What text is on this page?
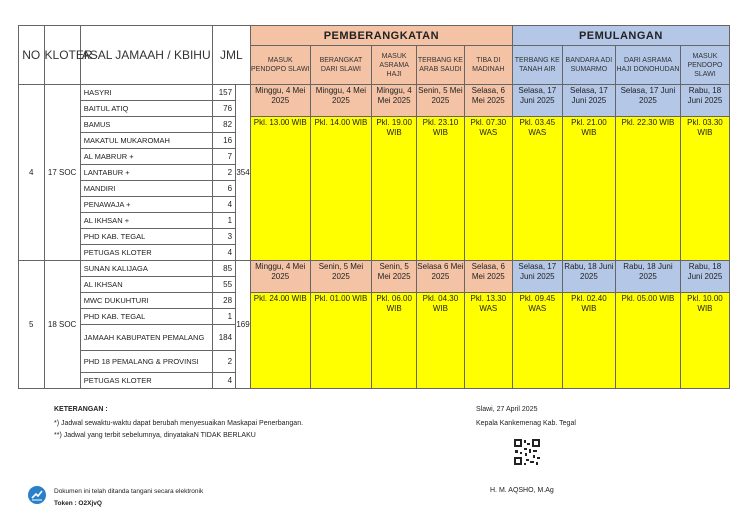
NO	KLOTER	ASAL JAMAAH / KBIHU	JML		PEMBERANGKATAN					PEMULANGAN			
					MASUK PENDOPO SLAWI	BERANGKAT DARI SLAWI	MASUK ASRAMA HAJI	TERBANG KE ARAB SAUDI	TIBA DI MADINAH	TERBANG KE TANAH AIR	BANDARA ADI SUMARMO	DARI ASRAMA HAJI DONOHUDAN	MASUK PENDOPO SLAWI
4	17 SOC	HASYRI	157	354	Minggu, 4 Mei 2025	Minggu, 4 Mei 2025	Minggu, 4 Mei 2025	Senin, 5 Mei 2025	Selasa, 6 Mei 2025	Selasa, 17 Juni 2025	Selasa, 17 Juni 2025	Selasa, 17 Juni 2025	Rabu, 18 Juni 2025
		BAITUL ATIQ	76										
		BAMUS	82		Pkl. 13.00 WIB	Pkl. 14.00 WIB	Pkl. 19.00 WIB	Pkl. 23.10 WIB	Pkl. 07.30 WAS	Pkl. 03.45 WAS	Pkl. 21.00 WIB	Pkl. 22.30 WIB	Pkl. 03.30 WIB
		MAKATUL MUKAROMAH	16										
		AL MABRUR +	7										
		LANTABUR +	2										
		MANDIRI	6										
		PENAWAJA +	4										
		AL IKHSAN +	1										
		PHD KAB. TEGAL	3										
		PETUGAS KLOTER	4										
5	18 SOC	SUNAN KALIJAGA	85	169	Minggu, 4 Mei 2025	Senin, 5 Mei 2025	Senin, 5 Mei 2025	Selasa 6 Mei 2025	Selasa, 6 Mei 2025	Selasa, 17 Juni 2025	Rabu, 18 Juni 2025	Rabu, 18 Juni 2025	Rabu, 18 Juni 2025
		AL IKHSAN	55										
		MWC DUKUHTURI	28		Pkl. 24.00 WIB	Pkl. 01.00 WIB	Pkl. 06.00 WIB	Pkl. 04.30 WIB	Pkl. 13.30 WAS	Pkl. 09.45 WAS	Pkl. 02.40 WIB	Pkl. 05.00 WIB	Pkl. 10.00 WIB
		PHD KAB. TEGAL	1										
		JAMAAH KABUPATEN PEMALANG	184										
		PHD 18 PEMALANG & PROVINSI	2										
		PETUGAS KLOTER	4										
KETERANGAN :
*) Jadwal sewaktu-waktu dapat berubah menyesuaikan Maskapai Penerbangan.
**) Jadwal yang terbit sebelumnya, dinyatakaN TIDAK BERLAKU
Slawi, 27 April 2025
Kepala Kankemenag Kab. Tegal
H. M. AQSHO, M.Ag
Dokumen ini telah ditanda tangani secara elektronik
Token : O2XjvQ
